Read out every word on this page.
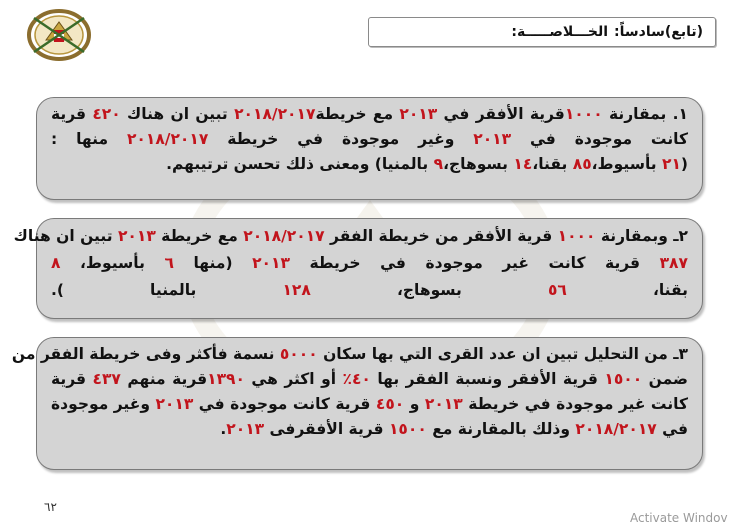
(تابع)سادساً:
الخـــلاصـــــة:
١. بمقارنة ١٠٠٠قرية الأفقر في ٢٠١٣ مع خريطة٢٠١٨/٢٠١٧ تبين ان هناك ٤٢٠ قرية
كانت موجودة في ٢٠١٣ وغير موجودة في خريطة ٢٠١٨/٢٠١٧ منها :
(٢١ بأسيوط،٨٥ بقنا،١٤ بسوهاج،٩ بالمنيا) ومعنى ذلك تحسن ترتيبهم.
٢ـ وبمقارنة ١٠٠٠ قرية الأفقر من خريطة الفقر ٢٠١٨/٢٠١٧ مع خريطة ٢٠١٣ تبين ان هناك
٣٨٧ قرية كانت غير موجودة في خريطة ٢٠١٣ (منها ٦ بأسيوط، ٨
بقنا، ٥٦ بسوهاج، ١٢٨ بالمنيا ).
٣ـ من التحليل تبين ان عدد القرى التي بها سكان ٥٠٠٠ نسمة فأكثر وفى خريطة الفقر من
ضمن ١٥٠٠ قرية الأفقر ونسبة الفقر بها ٤٠٪ أو اكثر هي ١٣٩٠قرية منهم ٤٣٧ قرية
كانت غير موجودة في خريطة ٢٠١٣ و ٤٥٠ قرية كانت موجودة في ٢٠١٣ وغير موجودة
في ٢٠١٨/٢٠١٧ وذلك بالمقارنة مع ١٥٠٠ قرية الأفقرفى ٢٠١٣.
٦٢
Activate Windov
